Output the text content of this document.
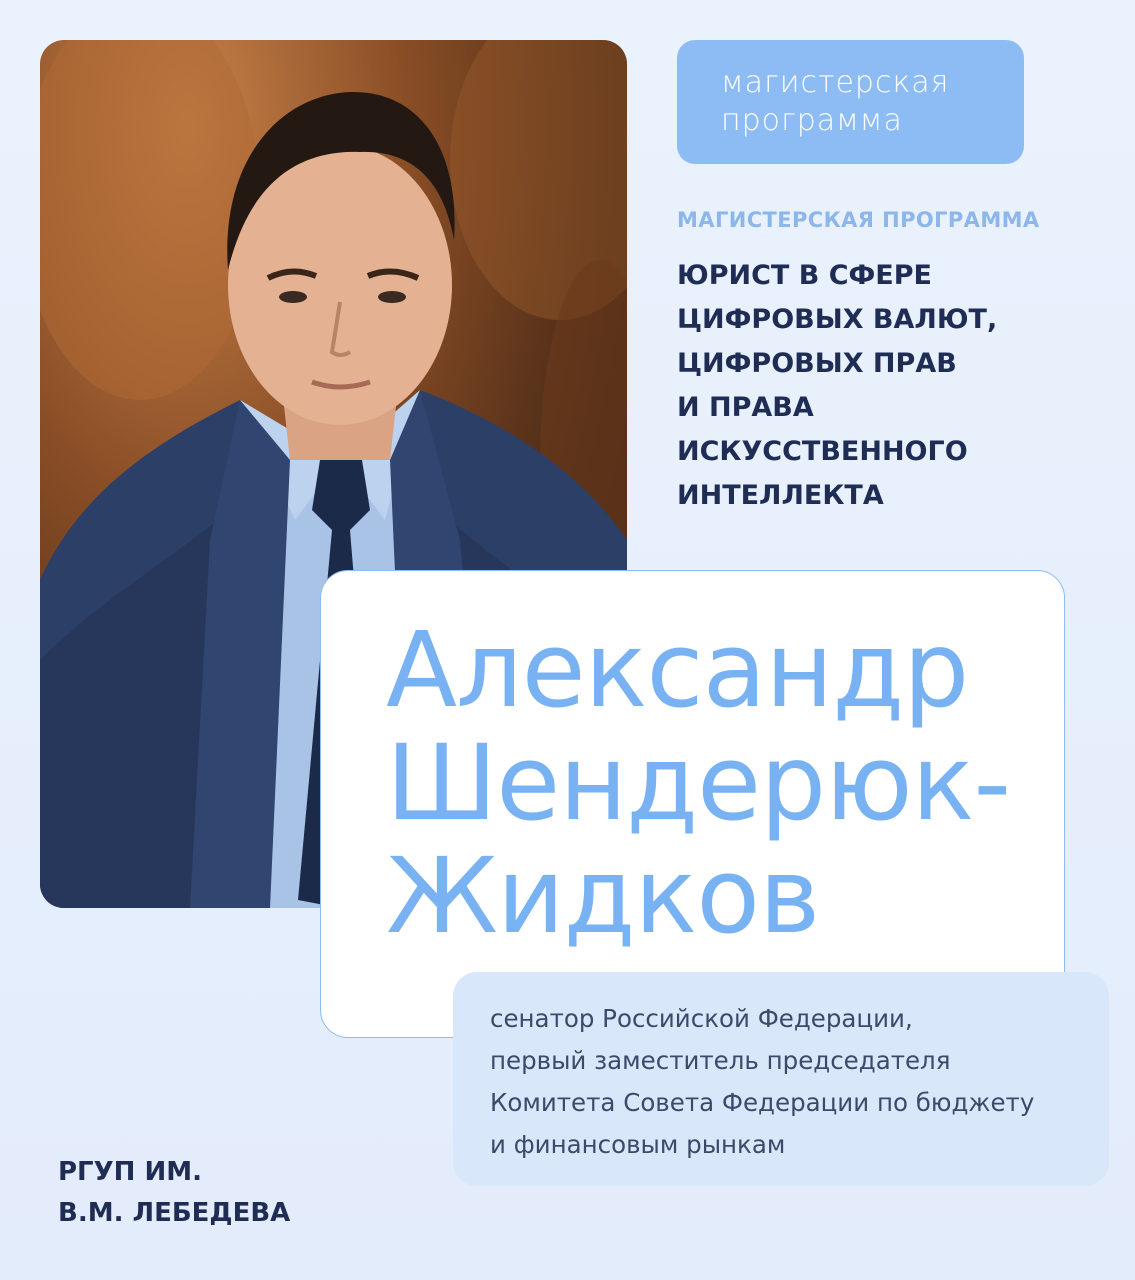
магистерская
программа
МАГИСТЕРСКАЯ ПРОГРАММА
ЮРИСТ В СФЕРЕ
ЦИФРОВЫХ ВАЛЮТ,
ЦИФРОВЫХ ПРАВ
И ПРАВА
ИСКУССТВЕННОГО
ИНТЕЛЛЕКТА
Александр
Шендерюк-
Жидков
сенатор Российской Федерации,
первый заместитель председателя
Комитета Совета Федерации по бюджету
и финансовым рынкам
РГУП ИМ.
В.М. ЛЕБЕДЕВА
